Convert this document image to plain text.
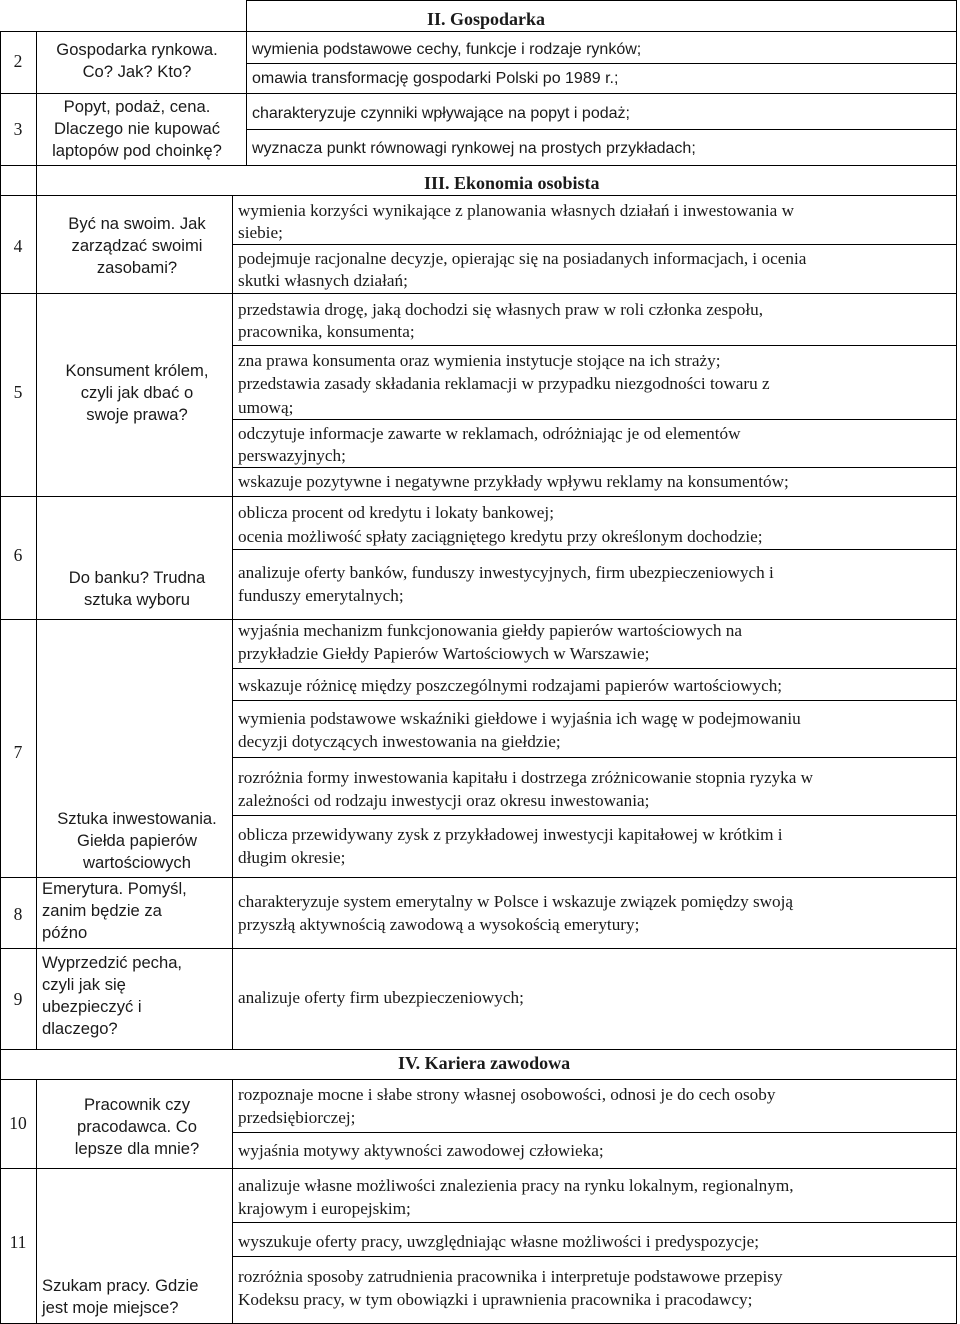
II. Gospodarka
III. Ekonomia osobista
IV. Kariera zawodowa
2
3
4
5
6
7
8
9
10
11
Gospodarka rynkowa.
Co? Jak? Kto?
Popyt, podaż, cena.
Dlaczego nie kupować
laptopów pod choinkę?
Być na swoim. Jak
zarządzać swoimi
zasobami?
Konsument królem,
czyli jak dbać o
swoje prawa?
Do banku? Trudna
sztuka wyboru
Sztuka inwestowania.
Giełda papierów
wartościowych
Emerytura. Pomyśl,
zanim będzie za
późno
Wyprzedzić pecha,
czyli jak się
ubezpieczyć i
dlaczego?
Pracownik czy
pracodawca. Co
lepsze dla mnie?
Szukam pracy. Gdzie
jest moje miejsce?
wymienia podstawowe cechy, funkcje i rodzaje rynków;
omawia transformację gospodarki Polski po 1989 r.;
charakteryzuje czynniki wpływające na popyt i podaż;
wyznacza punkt równowagi rynkowej na prostych przykładach;
wymienia korzyści wynikające z planowania własnych działań i inwestowania w
siebie;
podejmuje racjonalne decyzje, opierając się na posiadanych informacjach, i ocenia
skutki własnych działań;
przedstawia drogę, jaką dochodzi się własnych praw w roli członka zespołu,
pracownika, konsumenta;
zna prawa konsumenta oraz wymienia instytucje stojące na ich straży;
przedstawia zasady składania reklamacji w przypadku niezgodności towaru z
umową;
odczytuje informacje zawarte w reklamach, odróżniając je od elementów
perswazyjnych;
wskazuje pozytywne i negatywne przykłady wpływu reklamy na konsumentów;
oblicza procent od kredytu i lokaty bankowej;
ocenia możliwość spłaty zaciągniętego kredytu przy określonym dochodzie;
analizuje oferty banków, funduszy inwestycyjnych, firm ubezpieczeniowych i
funduszy emerytalnych;
wyjaśnia mechanizm funkcjonowania giełdy papierów wartościowych na
przykładzie Giełdy Papierów Wartościowych w Warszawie;
wskazuje różnicę między poszczególnymi rodzajami papierów wartościowych;
wymienia podstawowe wskaźniki giełdowe i wyjaśnia ich wagę w podejmowaniu
decyzji dotyczących inwestowania na giełdzie;
rozróżnia formy inwestowania kapitału i dostrzega zróżnicowanie stopnia ryzyka w
zależności od rodzaju inwestycji oraz okresu inwestowania;
oblicza przewidywany zysk z przykładowej inwestycji kapitałowej w krótkim i
długim okresie;
charakteryzuje system emerytalny w Polsce i wskazuje związek pomiędzy swoją
przyszłą aktywnością zawodową a wysokością emerytury;
analizuje oferty firm ubezpieczeniowych;
rozpoznaje mocne i słabe strony własnej osobowości, odnosi je do cech osoby
przedsiębiorczej;
wyjaśnia motywy aktywności zawodowej człowieka;
analizuje własne możliwości znalezienia pracy na rynku lokalnym, regionalnym,
krajowym i europejskim;
wyszukuje oferty pracy, uwzględniając własne możliwości i predyspozycje;
rozróżnia sposoby zatrudnienia pracownika i interpretuje podstawowe przepisy
Kodeksu pracy, w tym obowiązki i uprawnienia pracownika i pracodawcy;
